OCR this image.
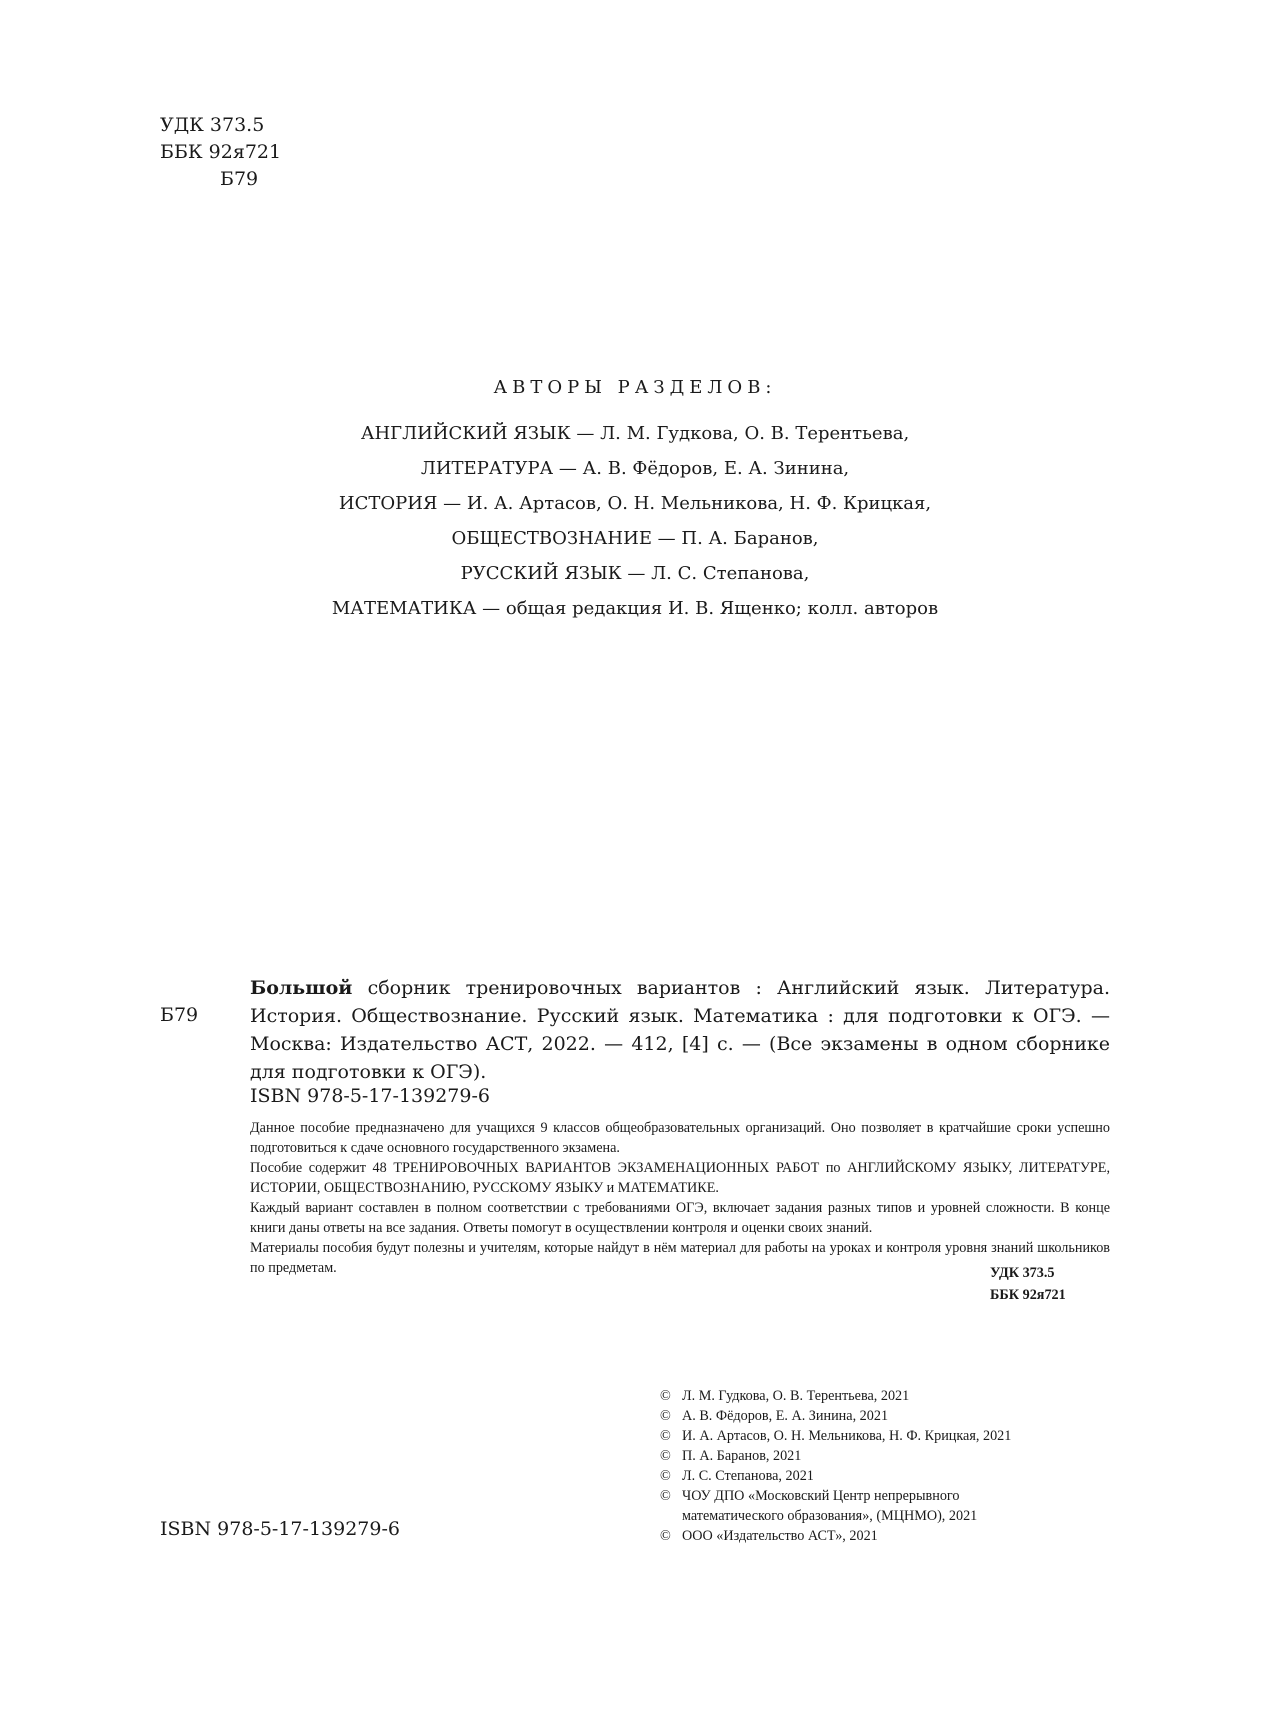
УДК 373.5
ББК 92я721
Б79
АВТОРЫ РАЗДЕЛОВ:
АНГЛИЙСКИЙ ЯЗЫК — Л. М. Гудкова, О. В. Терентьева,
ЛИТЕРАТУРА — А. В. Фёдоров, Е. А. Зинина,
ИСТОРИЯ — И. А. Артасов, О. Н. Мельникова, Н. Ф. Крицкая,
ОБЩЕСТВОЗНАНИЕ — П. А. Баранов,
РУССКИЙ ЯЗЫК — Л. С. Степанова,
МАТЕМАТИКА — общая редакция И. В. Ященко; колл. авторов
Б79
Большой сборник тренировочных вариантов : Английский язык. Литература. История. Обществознание. Русский язык. Математика : для подготовки к ОГЭ. — Москва: Издательство АСТ, 2022. — 412, [4] с. — (Все экзамены в одном сборнике для подготовки к ОГЭ).
ISBN 978-5-17-139279-6

Данное пособие предназначено для учащихся 9 классов общеобразовательных организаций. Оно позволяет в кратчайшие сроки успешно подготовиться к сдаче основного государственного экзамена.

Пособие содержит 48 ТРЕНИРОВОЧНЫХ ВАРИАНТОВ ЭКЗАМЕНАЦИОННЫХ РАБОТ по АНГЛИЙСКОМУ ЯЗЫКУ, ЛИТЕРАТУРЕ, ИСТОРИИ, ОБЩЕСТВОЗНАНИЮ, РУССКОМУ ЯЗЫКУ и МАТЕМАТИКЕ.

Каждый вариант составлен в полном соответствии с требованиями ОГЭ, включает задания разных типов и уровней сложности. В конце книги даны ответы на все задания. Ответы помогут в осуществлении контроля и оценки своих знаний.

Материалы пособия будут полезны и учителям, которые найдут в нём материал для работы на уроках и контроля уровня знаний школьников по предметам.	УДК 373.5
ББК 92я721
© Л. М. Гудкова, О. В. Терентьева, 2021
© А. В. Фёдоров, Е. А. Зинина, 2021
© И. А. Артасов, О. Н. Мельникова, Н. Ф. Крицкая, 2021
© П. А. Баранов, 2021
© Л. С. Степанова, 2021
© ЧОУ ДПО «Московский Центр непрерывного
математического образования», (МЦНМО), 2021
© ООО «Издательство АСТ», 2021
ISBN 978-5-17-139279-6
